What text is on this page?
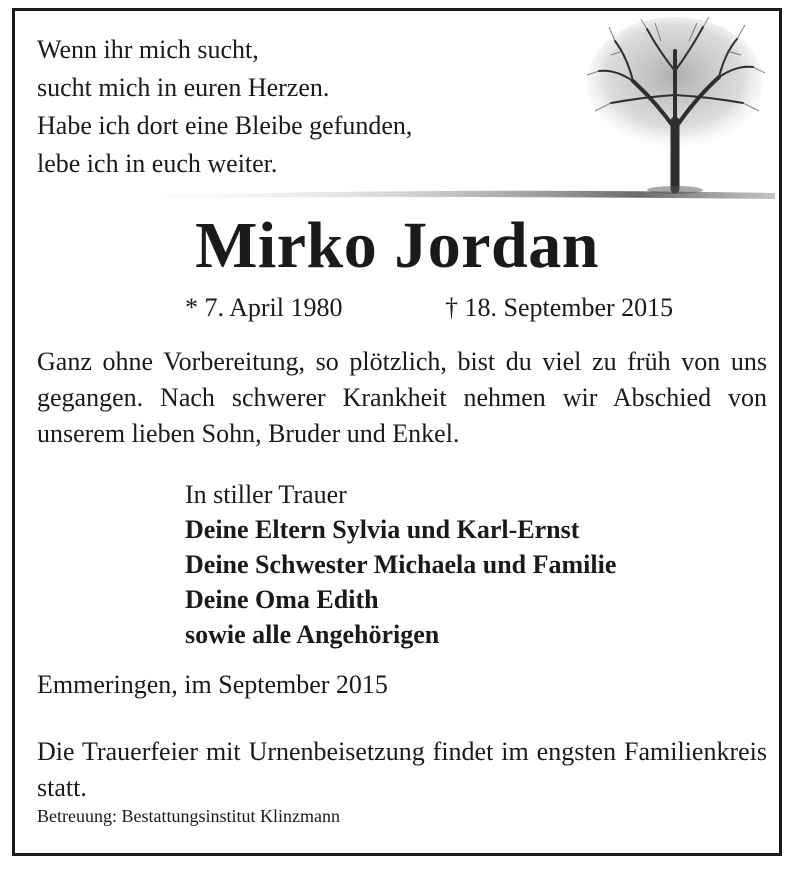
Wenn ihr mich sucht,
sucht mich in euren Herzen.
Habe ich dort eine Bleibe gefunden,
lebe ich in euch weiter.
Mirko Jordan
* 7. April 1980	† 18. September 2015
Ganz ohne Vorbereitung, so plötzlich, bist du viel zu früh von uns gegangen. Nach schwerer Krankheit nehmen wir Abschied von unserem lieben Sohn, Bruder und Enkel.
In stiller Trauer
Deine Eltern Sylvia und Karl-Ernst
Deine Schwester Michaela und Familie
Deine Oma Edith
sowie alle Angehörigen
Emmeringen, im September 2015
Die Trauerfeier mit Urnenbeisetzung findet im engsten Familienkreis statt.
Betreuung: Bestattungsinstitut Klinzmann
